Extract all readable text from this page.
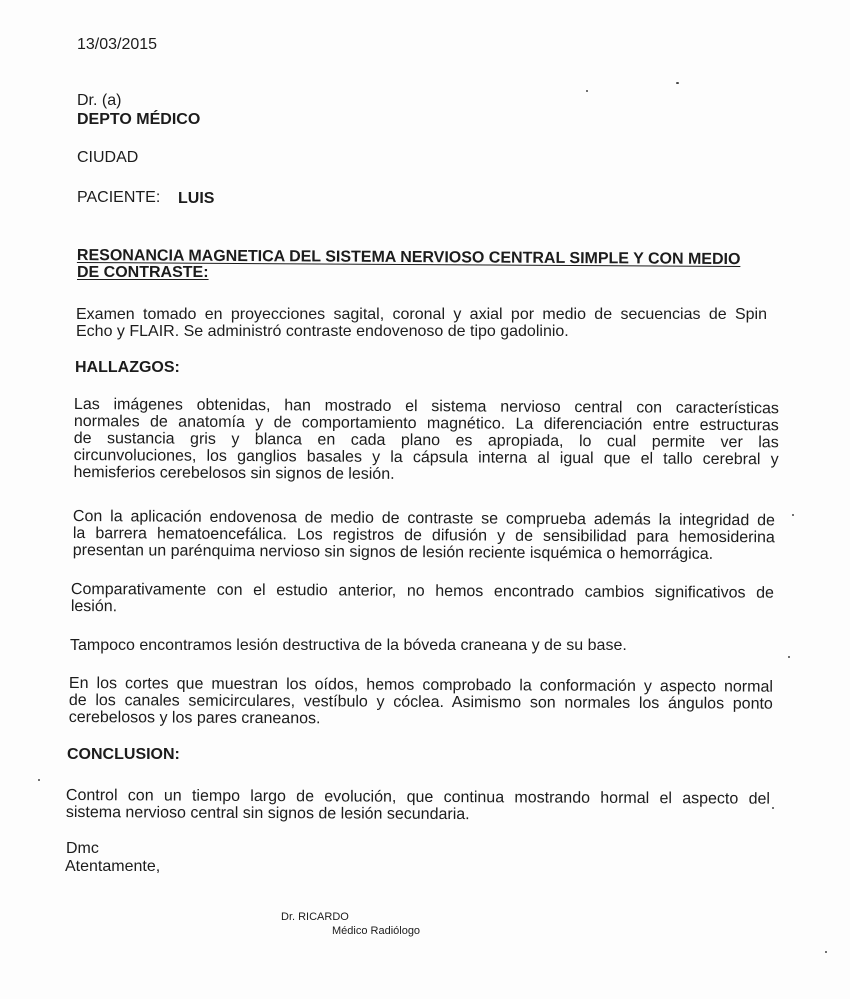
13/03/2015
Dr. (a)
DEPTO MÉDICO
CIUDAD
PACIENTE: LUIS
RESONANCIA MAGNETICA DEL SISTEMA NERVIOSO CENTRAL SIMPLE Y CON MEDIO
DE CONTRASTE:
Examen tomado en proyecciones sagital, coronal y axial por medio de secuencias de Spin
Echo y FLAIR. Se administró contraste endovenoso de tipo gadolinio.
HALLAZGOS:
Las imágenes obtenidas, han mostrado el sistema nervioso central con características
normales de anatomía y de comportamiento magnético. La diferenciación entre estructuras
de sustancia gris y blanca en cada plano es apropiada, lo cual permite ver las
circunvoluciones, los ganglios basales y la cápsula interna al igual que el tallo cerebral y
hemisferios cerebelosos sin signos de lesión.
Con la aplicación endovenosa de medio de contraste se comprueba además la integridad de
la barrera hematoencefálica. Los registros de difusión y de sensibilidad para hemosiderina
presentan un parénquima nervioso sin signos de lesión reciente isquémica o hemorrágica.
Comparativamente con el estudio anterior, no hemos encontrado cambios significativos de
lesión.
Tampoco encontramos lesión destructiva de la bóveda craneana y de su base.
En los cortes que muestran los oídos, hemos comprobado la conformación y aspecto normal
de los canales semicirculares, vestíbulo y cóclea. Asimismo son normales los ángulos ponto
cerebelosos y los pares craneanos.
CONCLUSION:
Control con un tiempo largo de evolución, que continua mostrando hormal el aspecto del
sistema nervioso central sin signos de lesión secundaria.
Dmc
Atentamente,
Dr. RICARDO
Médico Radiólogo
